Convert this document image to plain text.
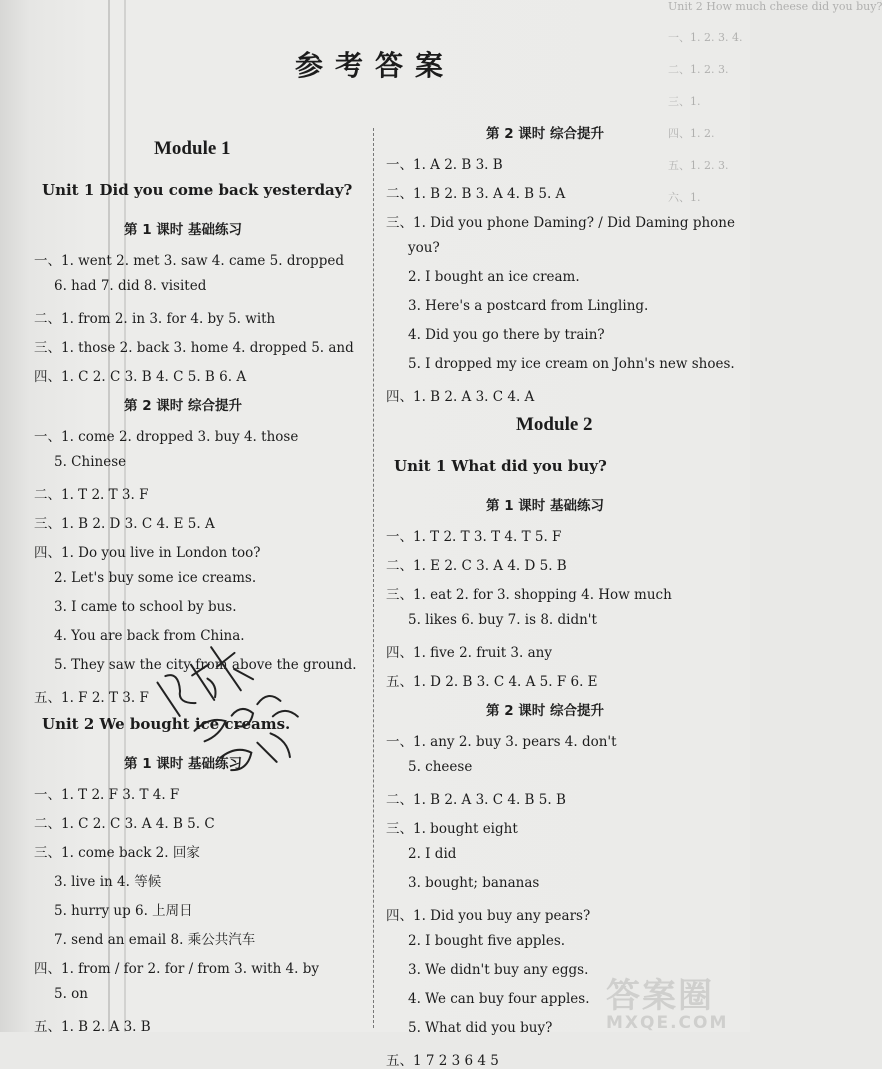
Unit 2 How much cheese did you buy?
一、1. 2. 3. 4.
二、1. 2. 3.
三、1.
四、1. 2.
五、1. 2. 3.
六、1.
参考答案
Module 1
Unit 1 Did you come back yesterday?
第 1 课时 基础练习
一、1. went 2. met 3. saw 4. came 5. dropped
6. had 7. did 8. visited
二、1. from 2. in 3. for 4. by 5. with
三、1. those 2. back 3. home 4. dropped 5. and
四、1. C 2. C 3. B 4. C 5. B 6. A
第 2 课时 综合提升
一、1. come 2. dropped 3. buy 4. those
5. Chinese
二、1. T 2. T 3. F
三、1. B 2. D 3. C 4. E 5. A
四、1. Do you live in London too?
2. Let's buy some ice creams.
3. I came to school by bus.
4. You are back from China.
5. They saw the city from above the ground.
五、1. F 2. T 3. F
Unit 2 We bought ice creams.
第 1 课时 基础练习
一、1. T 2. F 3. T 4. F
二、1. C 2. C 3. A 4. B 5. C
三、1. come back 2. 回家
3. live in 4. 等候
5. hurry up 6. 上周日
7. send an email 8. 乘公共汽车
四、1. from / for 2. for / from 3. with 4. by
5. on
五、1. B 2. A 3. B
第 2 课时 综合提升
一、1. A 2. B 3. B
二、1. B 2. B 3. A 4. B 5. A
三、1. Did you phone Daming? / Did Daming phone
you?
2. I bought an ice cream.
3. Here's a postcard from Lingling.
4. Did you go there by train?
5. I dropped my ice cream on John's new shoes.
四、1. B 2. A 3. C 4. A
Module 2
Unit 1 What did you buy?
第 1 课时 基础练习
一、1. T 2. T 3. T 4. T 5. F
二、1. E 2. C 3. A 4. D 5. B
三、1. eat 2. for 3. shopping 4. How much
5. likes 6. buy 7. is 8. didn't
四、1. five 2. fruit 3. any
五、1. D 2. B 3. C 4. A 5. F 6. E
第 2 课时 综合提升
一、1. any 2. buy 3. pears 4. don't
5. cheese
二、1. B 2. A 3. C 4. B 5. B
三、1. bought eight
2. I did
3. bought; bananas
四、1. Did you buy any pears?
2. I bought five apples.
3. We didn't buy any eggs.
4. We can buy four apples.
5. What did you buy?
五、1 7 2 3 6 4 5
答案圈
MXQE.COM
